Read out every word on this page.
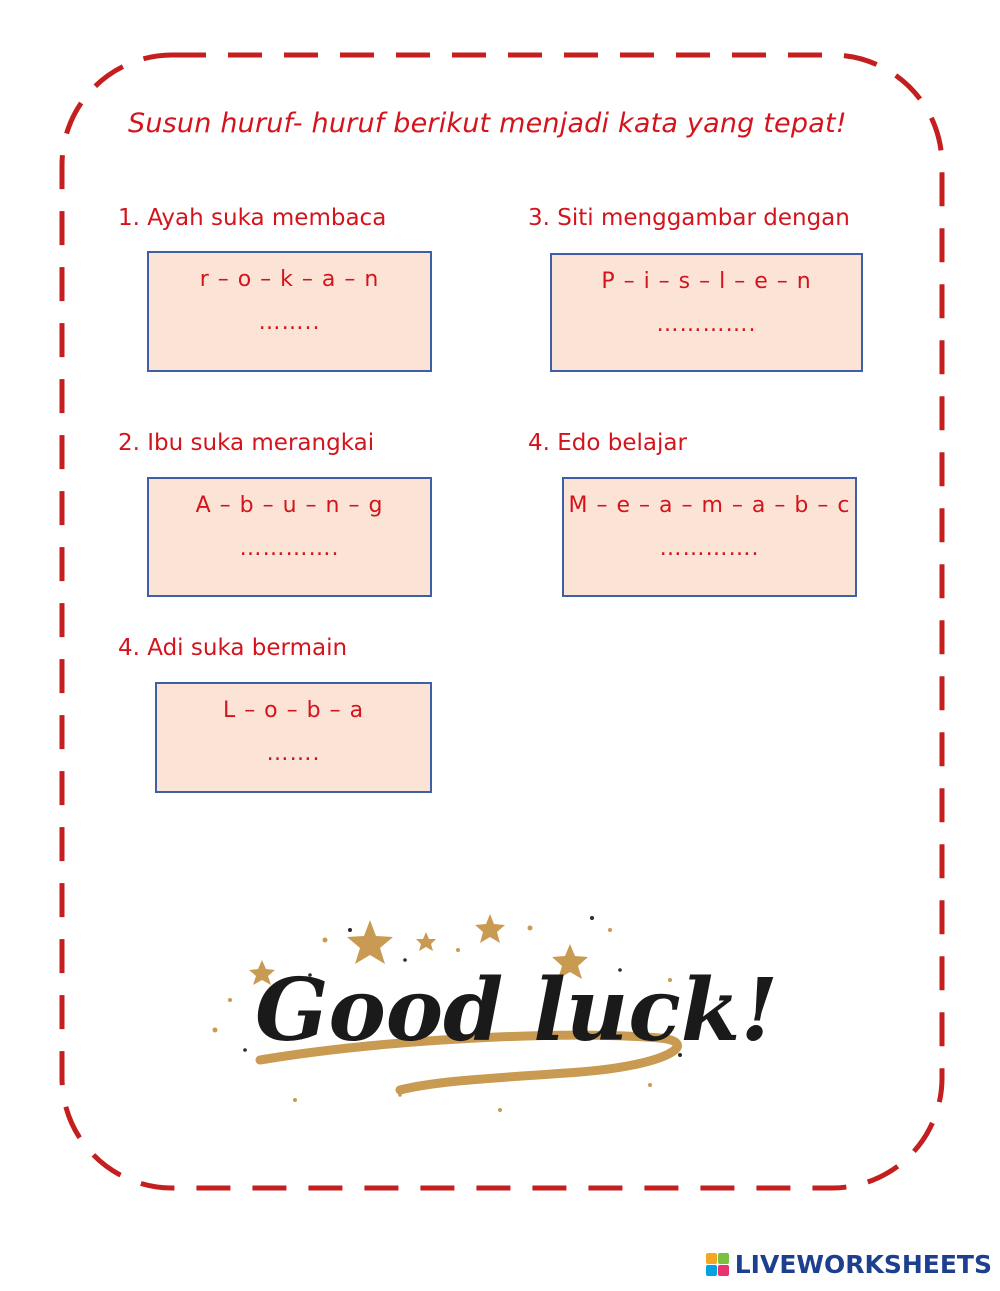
Susun huruf- huruf berikut menjadi kata yang tepat!
1. Ayah suka membaca
r – o – k – a – n
……..
3. Siti menggambar dengan
P – i – s – l – e – n
………….
2. Ibu suka merangkai
A – b – u – n – g
………….
4. Edo belajar
M – e – a – m – a – b – c
………….
4. Adi suka bermain
L – o – b – a
…….
Good luck!
LIVEWORKSHEETS
